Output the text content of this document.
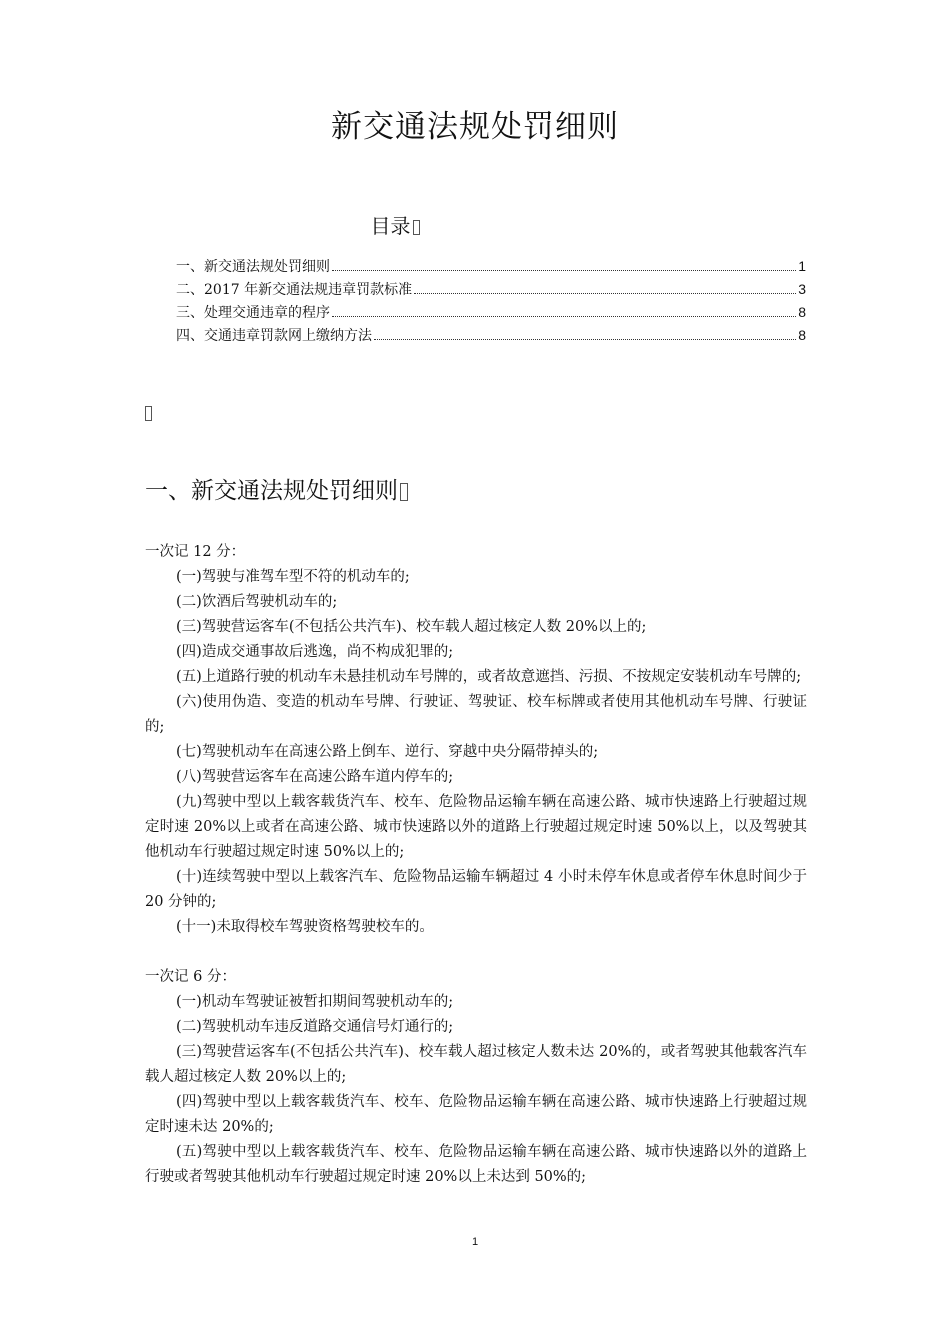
新交通法规处罚细则
目录
一、新交通法规处罚细则	1
二、2017 年新交通法规违章罚款标准	3
三、处理交通违章的程序	8
四、交通违章罚款网上缴纳方法	8
一、新交通法规处罚细则
一次记 12 分：
(一)驾驶与准驾车型不符的机动车的;
(二)饮酒后驾驶机动车的;
(三)驾驶营运客车(不包括公共汽车)、校车载人超过核定人数 20%以上的;
(四)造成交通事故后逃逸，尚不构成犯罪的;
(五)上道路行驶的机动车未悬挂机动车号牌的，或者故意遮挡、污损、不按规定安装机动车号牌的;
(六)使用伪造、变造的机动车号牌、行驶证、驾驶证、校车标牌或者使用其他机动车号牌、行驶证的;
(七)驾驶机动车在高速公路上倒车、逆行、穿越中央分隔带掉头的;
(八)驾驶营运客车在高速公路车道内停车的;
(九)驾驶中型以上载客载货汽车、校车、危险物品运输车辆在高速公路、城市快速路上行驶超过规定时速 20%以上或者在高速公路、城市快速路以外的道路上行驶超过规定时速 50%以上，以及驾驶其他机动车行驶超过规定时速 50%以上的;
(十)连续驾驶中型以上载客汽车、危险物品运输车辆超过 4 小时未停车休息或者停车休息时间少于 20 分钟的;
(十一)未取得校车驾驶资格驾驶校车的。
一次记 6 分：
(一)机动车驾驶证被暂扣期间驾驶机动车的;
(二)驾驶机动车违反道路交通信号灯通行的;
(三)驾驶营运客车(不包括公共汽车)、校车载人超过核定人数未达 20%的，或者驾驶其他载客汽车载人超过核定人数 20%以上的;
(四)驾驶中型以上载客载货汽车、校车、危险物品运输车辆在高速公路、城市快速路上行驶超过规定时速未达 20%的;
(五)驾驶中型以上载客载货汽车、校车、危险物品运输车辆在高速公路、城市快速路以外的道路上行驶或者驾驶其他机动车行驶超过规定时速 20%以上未达到 50%的;
1
